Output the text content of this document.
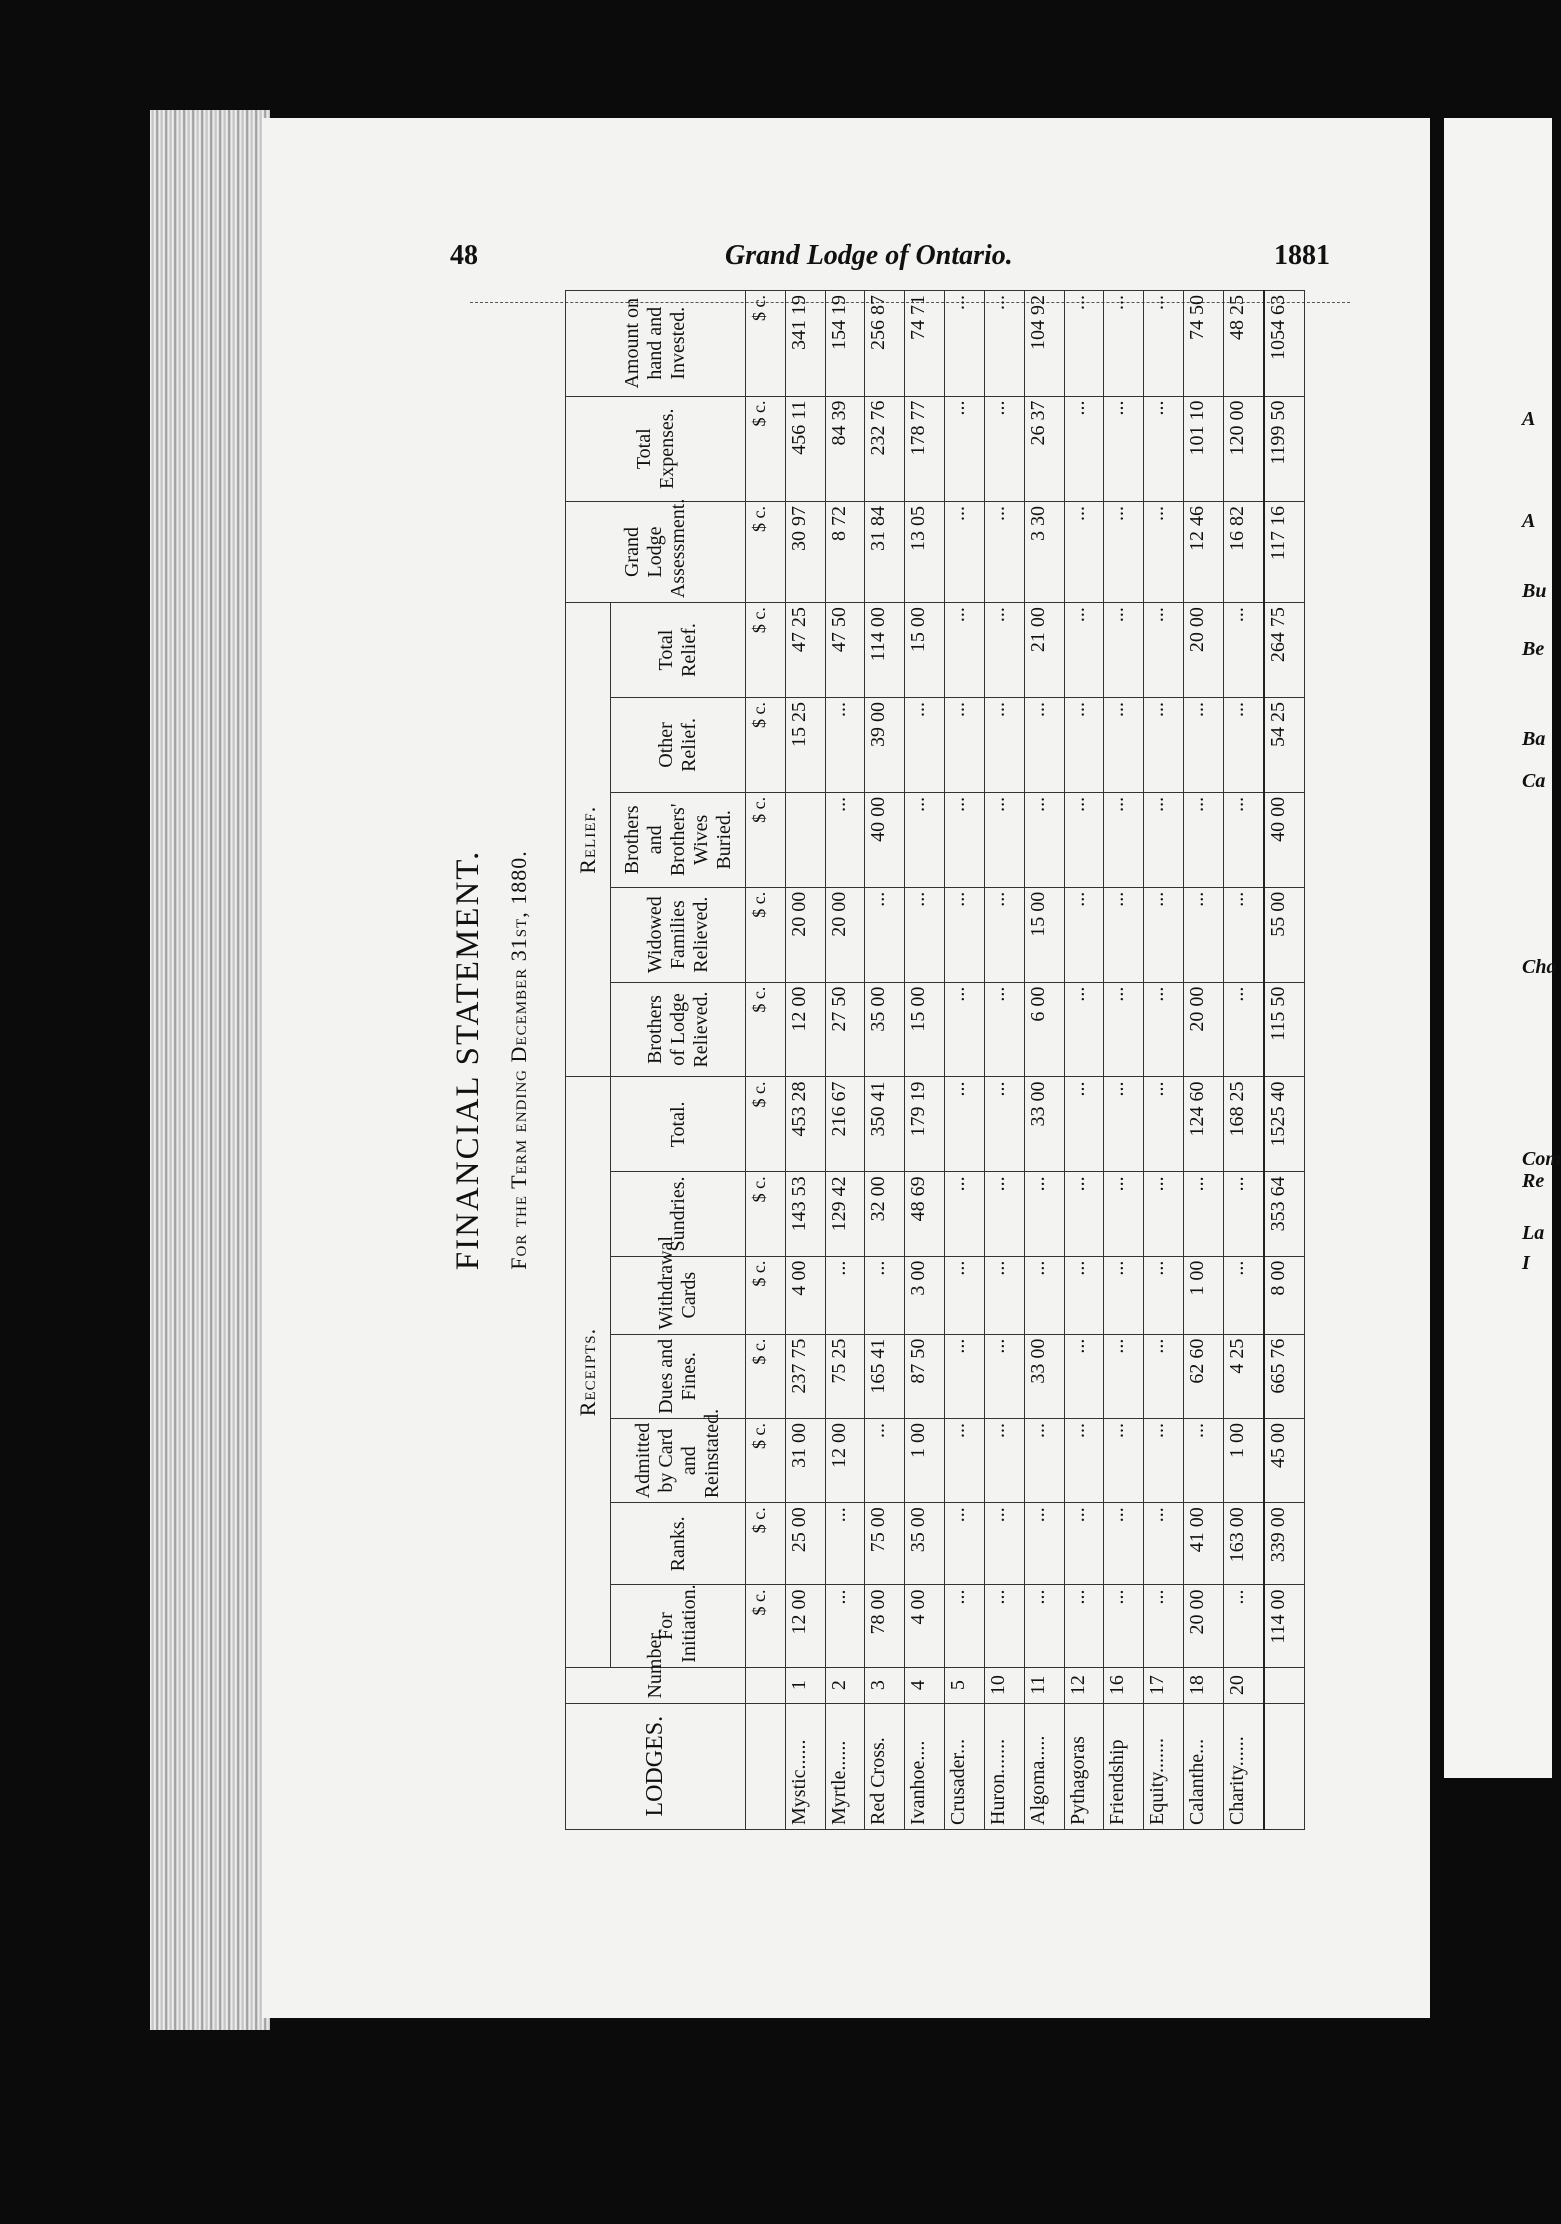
A
A
Bu
Be
Ba
Ca
Cha
Com
Re
La
I
48	Grand Lodge of Ontario.	1881
FINANCIAL STATEMENT. For the Term ending December 31st, 1880.
LODGES.	Number.	Receipts.							Relief.					Grand Lodge Assessment.	Total Expenses.	Amount on hand and Invested.
		For Initiation.	Ranks.	Admitted by Card and Reinstated.	Dues and Fines.	Withdrawal Cards	Sundries.	Total.	Brothers of Lodge Relieved.	Widowed Families Relieved.	Brothers and Brothers' Wives Buried.	Other Relief.	Total Relief.			
		$ c.	$ c.	$ c.	$ c.	$ c.	$ c.	$ c.	$ c.	$ c.	$ c.	$ c.	$ c.	$ c.	$ c.	$ c.
Mystic......	1	12 00	25 00	31 00	237 75	4 00	143 53	453 28	12 00	20 00		15 25	47 25	30 97	456 11	341 19
Myrtle......	2	...	...	12 00	75 25	...	129 42	216 67	27 50	20 00	...	...	47 50	8 72	84 39	154 19
Red Cross.	3	78 00	75 00	...	165 41	...	32 00	350 41	35 00	...	40 00	39 00	114 00	31 84	232 76	256 87
Ivanhoe....	4	4 00	35 00	1 00	87 50	3 00	48 69	179 19	15 00	...	...	...	15 00	13 05	178 77	74 71
Crusader...	5	...	...	...	...	...	...	...	...	...	...	...	...	...	...	...
Huron.......	10	...	...	...	...	...	...	...	...	...	...	...	...	...	...	...
Algoma.....	11	...	...	...	33 00	...	...	33 00	6 00	15 00	...	...	21 00	3 30	26 37	104 92
Pythagoras	12	...	...	...	...	...	...	...	...	...	...	...	...	...	...	...
Friendship	16	...	...	...	...	...	...	...	...	...	...	...	...	...	...	...
Equity.......	17	...	...	...	...	...	...	...	...	...	...	...	...	...	...	...
Calanthe...	18	20 00	41 00	...	62 60	1 00	...	124 60	20 00	...	...	...	20 00	12 46	101 10	74 50
Charity......	20	...	163 00	1 00	4 25	...	...	168 25	...	...	...	...	...	16 82	120 00	48 25
		114 00	339 00	45 00	665 76	8 00	353 64	1525 40	115 50	55 00	40 00	54 25	264 75	117 16	1199 50	1054 63
